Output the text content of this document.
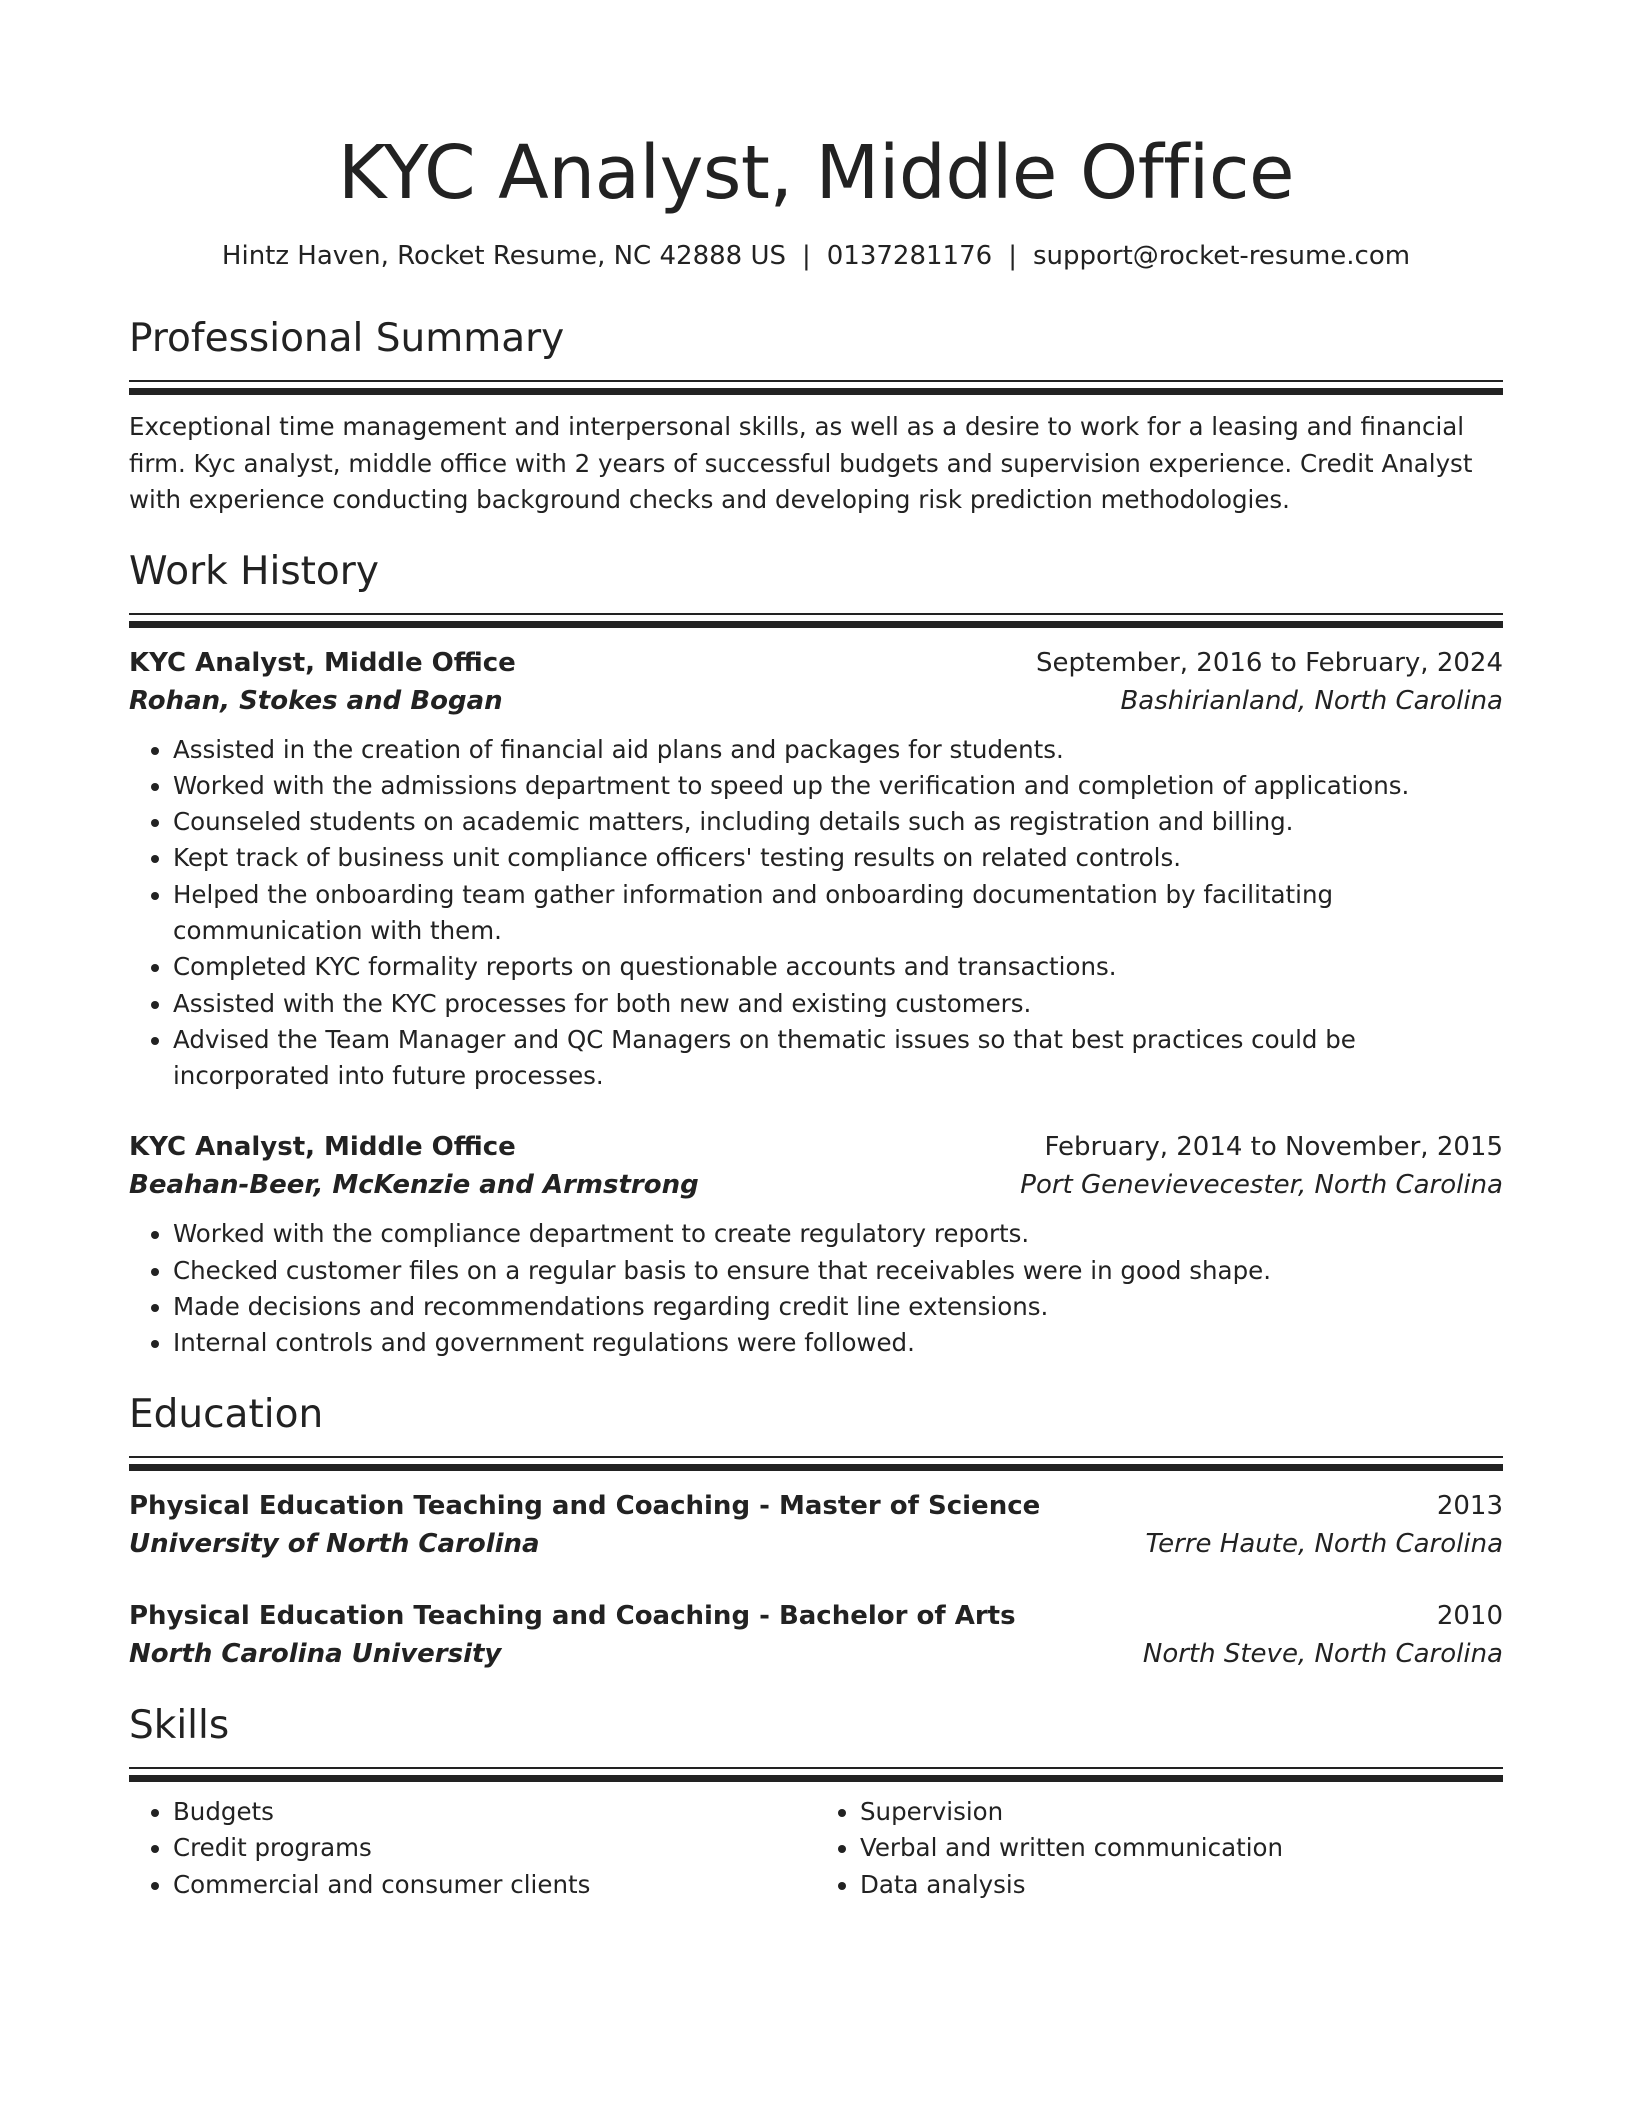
KYC Analyst, Middle Office
Hintz Haven, Rocket Resume, NC 42888 US | 0137281176 | support@rocket-resume.com
Professional Summary
Exceptional time management and interpersonal skills, as well as a desire to work for a leasing and financial firm. Kyc analyst, middle office with 2 years of successful budgets and supervision experience. Credit Analyst with experience conducting background checks and developing risk prediction methodologies.
Work History
KYC Analyst, Middle Office	September, 2016 to February, 2024
Rohan, Stokes and Bogan	Bashirianland, North Carolina
• Assisted in the creation of financial aid plans and packages for students.
• Worked with the admissions department to speed up the verification and completion of applications.
• Counseled students on academic matters, including details such as registration and billing.
• Kept track of business unit compliance officers' testing results on related controls.
• Helped the onboarding team gather information and onboarding documentation by facilitating communication with them.
• Completed KYC formality reports on questionable accounts and transactions.
• Assisted with the KYC processes for both new and existing customers.
• Advised the Team Manager and QC Managers on thematic issues so that best practices could be incorporated into future processes.
KYC Analyst, Middle Office	February, 2014 to November, 2015
Beahan-Beer, McKenzie and Armstrong	Port Genevievecester, North Carolina
• Worked with the compliance department to create regulatory reports.
• Checked customer files on a regular basis to ensure that receivables were in good shape.
• Made decisions and recommendations regarding credit line extensions.
• Internal controls and government regulations were followed.
Education
Physical Education Teaching and Coaching - Master of Science	2013
University of North Carolina	Terre Haute, North Carolina
Physical Education Teaching and Coaching - Bachelor of Arts	2010
North Carolina University	North Steve, North Carolina
Skills
• Budgets
• Credit programs
• Commercial and consumer clients
• Supervision
• Verbal and written communication
• Data analysis
